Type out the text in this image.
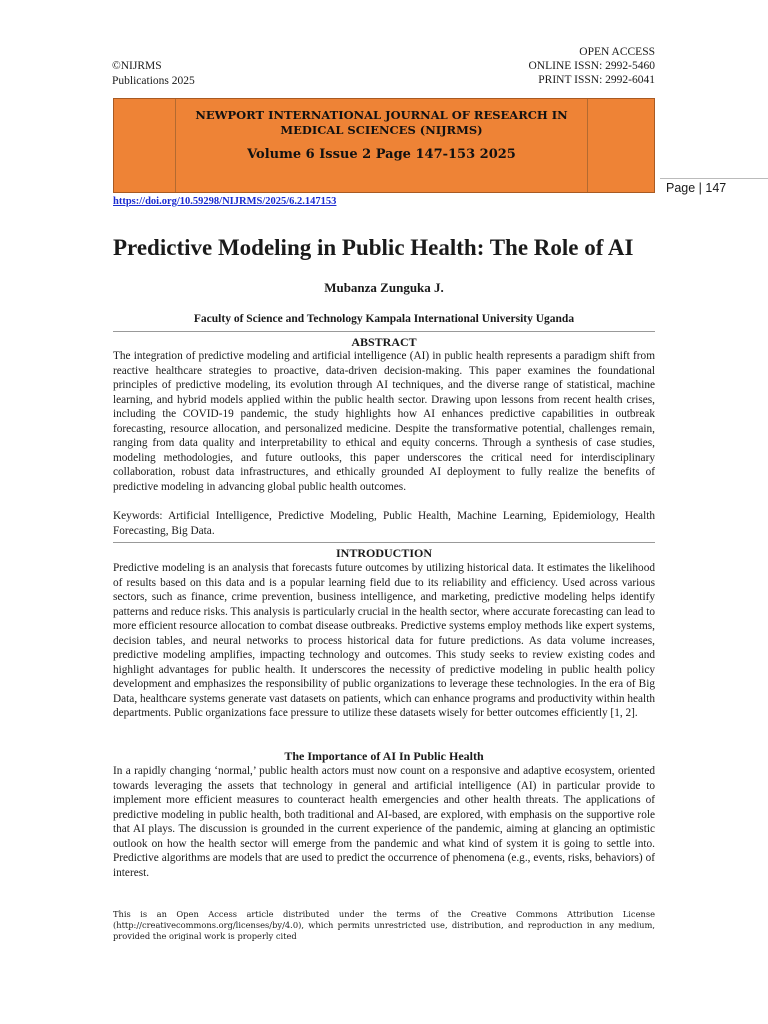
©NIJRMS
Publications 2025
OPEN ACCESS
ONLINE ISSN: 2992-5460
PRINT ISSN: 2992-6041
NEWPORT INTERNATIONAL JOURNAL OF RESEARCH IN MEDICAL SCIENCES (NIJRMS)
Volume 6 Issue 2 Page 147-153 2025
Page | 147
https://doi.org/10.59298/NIJRMS/2025/6.2.147153
Predictive Modeling in Public Health: The Role of AI
Mubanza Zunguka J.
Faculty of Science and Technology Kampala International University Uganda
ABSTRACT
The integration of predictive modeling and artificial intelligence (AI) in public health represents a paradigm shift from reactive healthcare strategies to proactive, data-driven decision-making. This paper examines the foundational principles of predictive modeling, its evolution through AI techniques, and the diverse range of statistical, machine learning, and hybrid models applied within the public health sector. Drawing upon lessons from recent health crises, including the COVID-19 pandemic, the study highlights how AI enhances predictive capabilities in outbreak forecasting, resource allocation, and personalized medicine. Despite the transformative potential, challenges remain, ranging from data quality and interpretability to ethical and equity concerns. Through a synthesis of case studies, modeling methodologies, and future outlooks, this paper underscores the critical need for interdisciplinary collaboration, robust data infrastructures, and ethically grounded AI deployment to fully realize the benefits of predictive modeling in advancing global public health outcomes.
Keywords: Artificial Intelligence, Predictive Modeling, Public Health, Machine Learning, Epidemiology, Health Forecasting, Big Data.
INTRODUCTION
Predictive modeling is an analysis that forecasts future outcomes by utilizing historical data. It estimates the likelihood of results based on this data and is a popular learning field due to its reliability and efficiency. Used across various sectors, such as finance, crime prevention, business intelligence, and marketing, predictive modeling helps identify patterns and reduce risks. This analysis is particularly crucial in the health sector, where accurate forecasting can lead to more efficient resource allocation to combat disease outbreaks. Predictive systems employ methods like expert systems, decision tables, and neural networks to process historical data for future predictions. As data volume increases, predictive modeling amplifies, impacting technology and outcomes. This study seeks to review existing codes and highlight advantages for public health. It underscores the necessity of predictive modeling in public health policy development and emphasizes the responsibility of public organizations to leverage these technologies. In the era of Big Data, healthcare systems generate vast datasets on patients, which can enhance programs and productivity within health departments. Public organizations face pressure to utilize these datasets wisely for better outcomes efficiently [1, 2].
The Importance of AI In Public Health
In a rapidly changing ‘normal,’ public health actors must now count on a responsive and adaptive ecosystem, oriented towards leveraging the assets that technology in general and artificial intelligence (AI) in particular provide to implement more efficient measures to counteract health emergencies and other health threats. The applications of predictive modeling in public health, both traditional and AI-based, are explored, with emphasis on the supportive role that AI plays. The discussion is grounded in the current experience of the pandemic, aiming at glancing an optimistic outlook on how the health sector will emerge from the pandemic and what kind of system it is going to settle into. Predictive algorithms are models that are used to predict the occurrence of phenomena (e.g., events, risks, behaviors) of interest.
This is an Open Access article distributed under the terms of the Creative Commons Attribution License (http://creativecommons.org/licenses/by/4.0), which permits unrestricted use, distribution, and reproduction in any medium, provided the original work is properly cited
